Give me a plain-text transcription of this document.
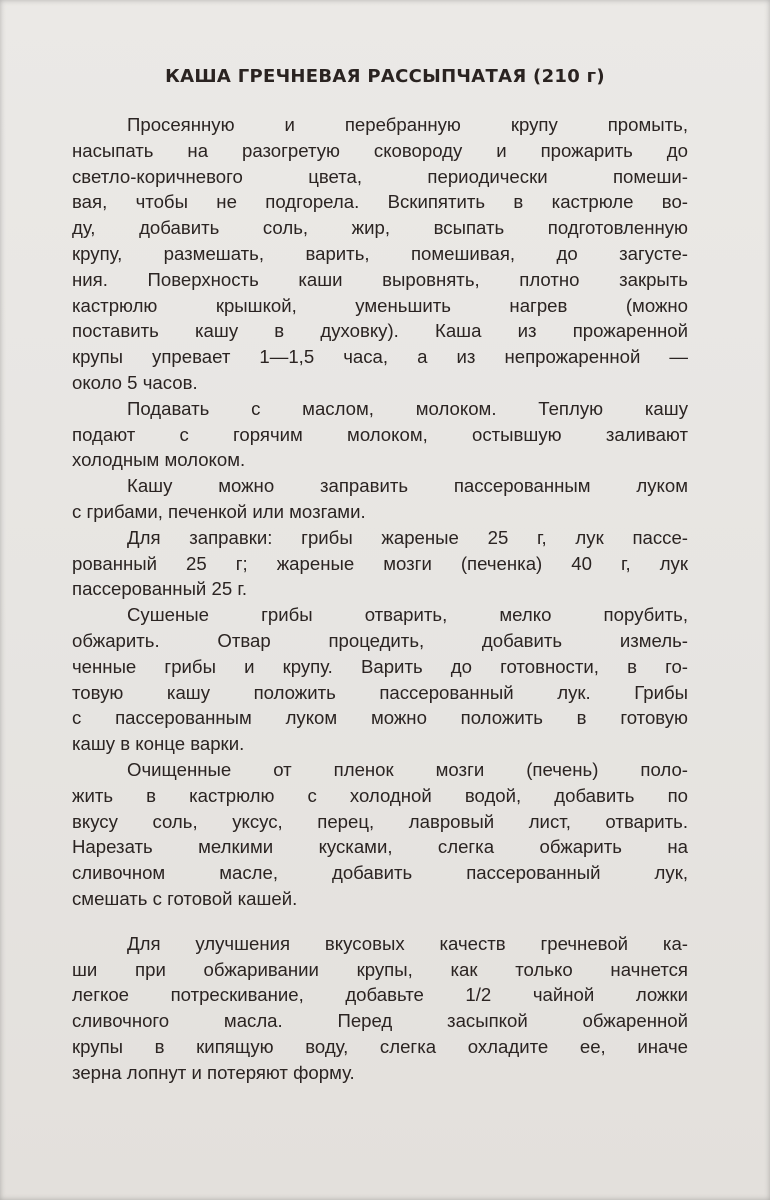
КАША ГРЕЧНЕВАЯ РАССЫПЧАТАЯ (210 г)
Просеянную и перебранную крупу промыть,
насыпать на разогретую сковороду и прожарить до
светло-коричневого цвета, периодически помеши-
вая, чтобы не подгорела. Вскипятить в кастрюле во-
ду, добавить соль, жир, всыпать подготовленную
крупу, размешать, варить, помешивая, до загусте-
ния. Поверхность каши выровнять, плотно закрыть
кастрюлю крышкой, уменьшить нагрев (можно
поставить кашу в духовку). Каша из прожаренной
крупы упревает 1—1,5 часа, а из непрожаренной —
около 5 часов.
Подавать с маслом, молоком. Теплую кашу
подают с горячим молоком, остывшую заливают
холодным молоком.
Кашу можно заправить пассерованным луком
с грибами, печенкой или мозгами.
Для заправки: грибы жареные 25 г, лук пассе-
рованный 25 г; жареные мозги (печенка) 40 г, лук
пассерованный 25 г.
Сушеные грибы отварить, мелко порубить,
обжарить. Отвар процедить, добавить измель-
ченные грибы и крупу. Варить до готовности, в го-
товую кашу положить пассерованный лук. Грибы
с пассерованным луком можно положить в готовую
кашу в конце варки.
Очищенные от пленок мозги (печень) поло-
жить в кастрюлю с холодной водой, добавить по
вкусу соль, уксус, перец, лавровый лист, отварить.
Нарезать мелкими кусками, слегка обжарить на
сливочном масле, добавить пассерованный лук,
смешать с готовой кашей.
Для улучшения вкусовых качеств гречневой ка-
ши при обжаривании крупы, как только начнется
легкое потрескивание, добавьте 1/2 чайной ложки
сливочного масла. Перед засыпкой обжаренной
крупы в кипящую воду, слегка охладите ее, иначе
зерна лопнут и потеряют форму.
